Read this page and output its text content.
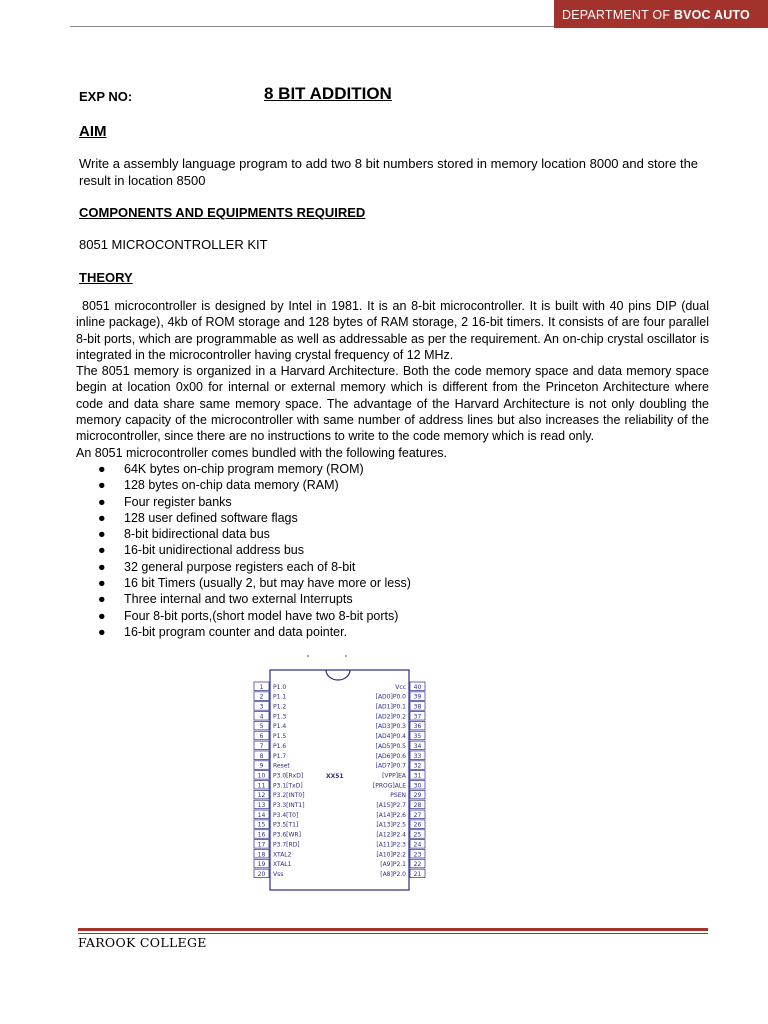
DEPARTMENT OF BVOC AUTO
EXP NO:	8 BIT ADDITION
AIM
Write a assembly language program to add two 8 bit numbers stored in memory location 8000 and store the result in location 8500
COMPONENTS AND EQUIPMENTS REQUIRED
8051 MICROCONTROLLER KIT
THEORY

8051 microcontroller is designed by Intel in 1981. It is an 8-bit microcontroller. It is built with 40 pins DIP (dual inline package), 4kb of ROM storage and 128 bytes of RAM storage, 2 16-bit timers. It consists of are four parallel 8-bit ports, which are programmable as well as addressable as per the requirement. An on-chip crystal oscillator is integrated in the microcontroller having crystal frequency of 12 MHz.

The 8051 memory is organized in a Harvard Architecture. Both the code memory space and data memory space begin at location 0x00 for internal or external memory which is different from the Princeton Architecture where code and data share same memory space. The advantage of the Harvard Architecture is not only doubling the memory capacity of the microcontroller with same number of address lines but also increases the reliability of the microcontroller, since there are no instructions to write to the code memory which is read only.

An 8051 microcontroller comes bundled with the following features.

● 64K bytes on-chip program memory (ROM)
● 128 bytes on-chip data memory (RAM)
● Four register banks
● 128 user defined software flags
● 8-bit bidirectional data bus
● 16-bit unidirectional address bus
● 32 general purpose registers each of 8-bit
● 16 bit Timers (usually 2, but may have more or less)
● Three internal and two external Interrupts
● Four 8-bit ports,(short model have two 8-bit ports)
● 16-bit program counter and data pointer.
XX51
1 P1.0
2 P1.1
3 P1.2
4 P1.3
5 P1.4
6 P1.5
7 P1.6
8 P1.7
9 Reset
10 P3.0[RxD]
11 P3.1[TxD]
12 P3.2[INT0]
13 P3.3[INT1]
14 P3.4[T0]
15 P3.5[T1]
16 P3.6[WR]
17 P3.7[RD]
18 XTAL2
19 XTAL1
20 Vss
40
Vcc
39
[AD0]P0.0
38
[AD1]P0.1
37
[AD2]P0.2
36
[AD3]P0.3
35
[AD4]P0.4
34
[AD5]P0.5
33
[AD6]P0.6
32
[AD7]P0.7
31
[VPP]EA
30
[PROG]ALE
29
PSEN
28
[A15]P2.7
27
[A14]P2.6
26
[A13]P2.5
25
[A12]P2.4
24
[A11]P2.3
23
[A10]P2.2
22
[A9]P2.1
21
[A8]P2.0
FAROOK COLLEGE
